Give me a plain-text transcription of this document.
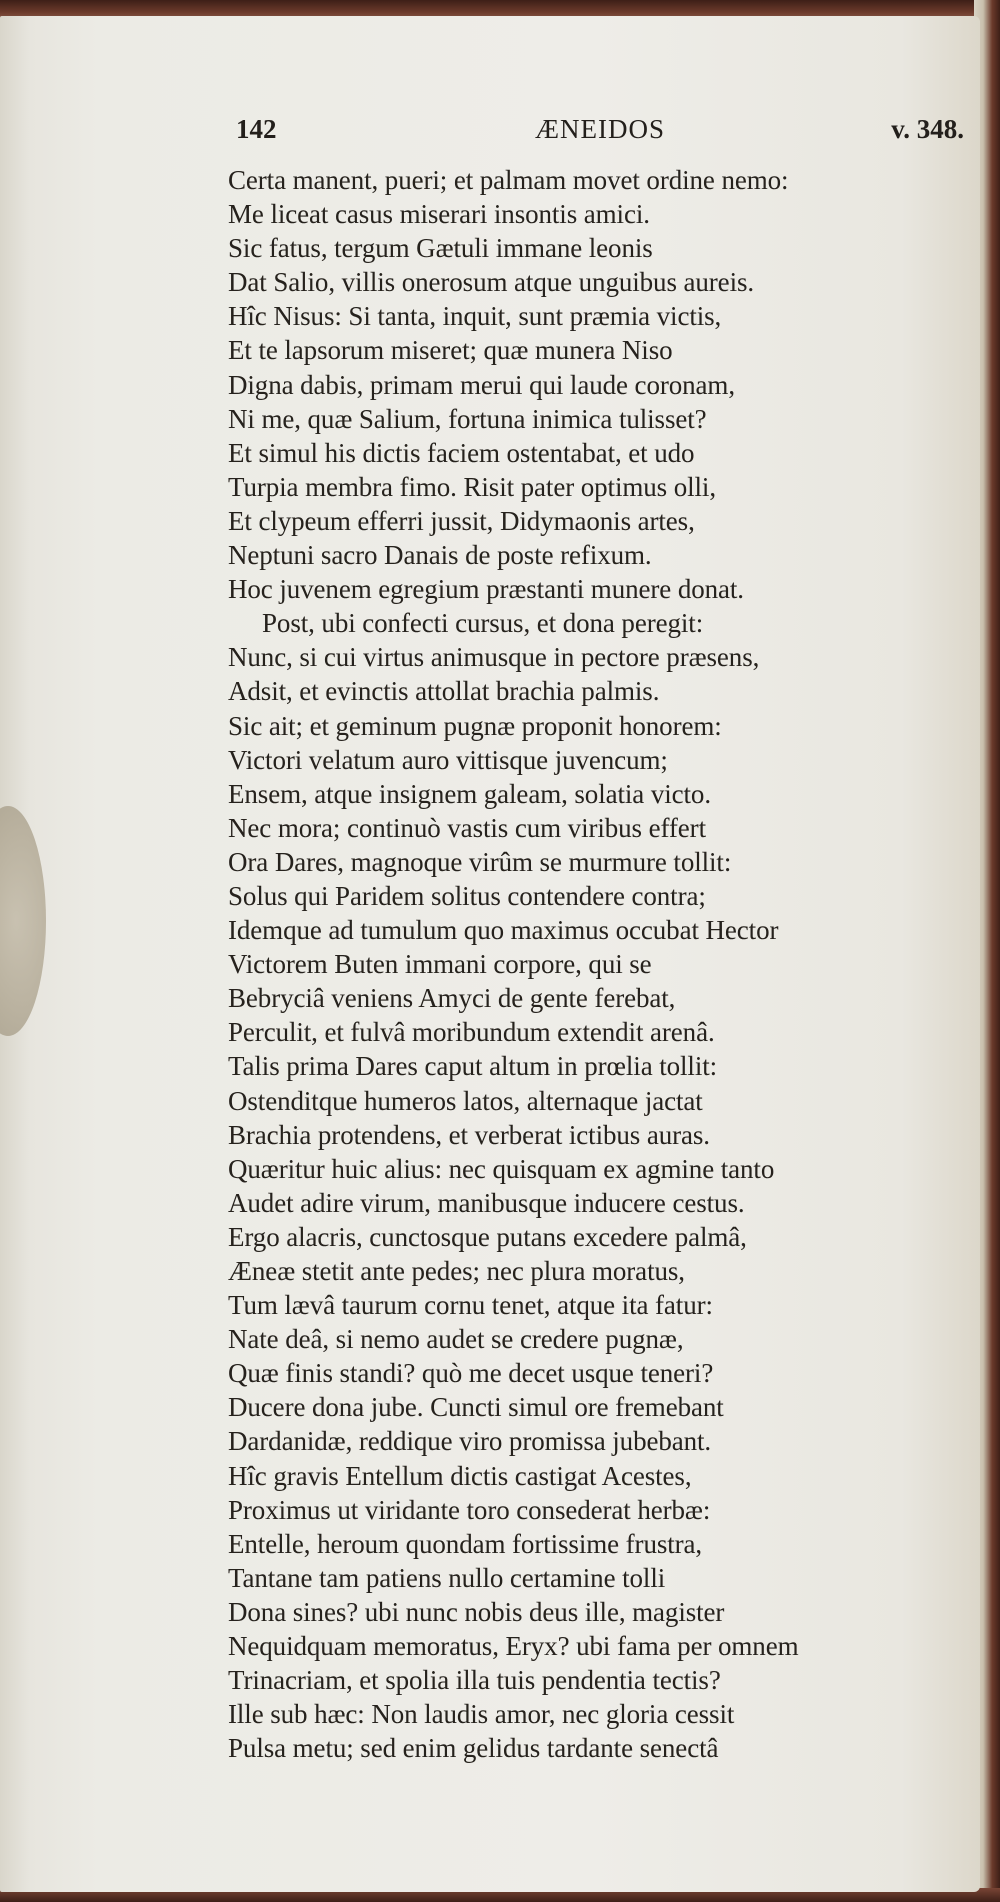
142	ÆNEIDOS	v. 348.
Certa manent, pueri; et palmam movet ordine nemo:
Me liceat casus miserari insontis amici.
Sic fatus, tergum Gætuli immane leonis
Dat Salio, villis onerosum atque unguibus aureis.
Hîc Nisus: Si tanta, inquit, sunt præmia victis,
Et te lapsorum miseret; quæ munera Niso
Digna dabis, primam merui qui laude coronam,
Ni me, quæ Salium, fortuna inimica tulisset?
Et simul his dictis faciem ostentabat, et udo
Turpia membra fimo. Risit pater optimus olli,
Et clypeum efferri jussit, Didymaonis artes,
Neptuni sacro Danais de poste refixum.
Hoc juvenem egregium præstanti munere donat.
Post, ubi confecti cursus, et dona peregit:
Nunc, si cui virtus animusque in pectore præsens,
Adsit, et evinctis attollat brachia palmis.
Sic ait; et geminum pugnæ proponit honorem:
Victori velatum auro vittisque juvencum;
Ensem, atque insignem galeam, solatia victo.
Nec mora; continuò vastis cum viribus effert
Ora Dares, magnoque virûm se murmure tollit:
Solus qui Paridem solitus contendere contra;
Idemque ad tumulum quo maximus occubat Hector
Victorem Buten immani corpore, qui se
Bebryciâ veniens Amyci de gente ferebat,
Perculit, et fulvâ moribundum extendit arenâ.
Talis prima Dares caput altum in prœlia tollit:
Ostenditque humeros latos, alternaque jactat
Brachia protendens, et verberat ictibus auras.
Quæritur huic alius: nec quisquam ex agmine tanto
Audet adire virum, manibusque inducere cestus.
Ergo alacris, cunctosque putans excedere palmâ,
Æneæ stetit ante pedes; nec plura moratus,
Tum lævâ taurum cornu tenet, atque ita fatur:
Nate deâ, si nemo audet se credere pugnæ,
Quæ finis standi? quò me decet usque teneri?
Ducere dona jube. Cuncti simul ore fremebant
Dardanidæ, reddique viro promissa jubebant.
Hîc gravis Entellum dictis castigat Acestes,
Proximus ut viridante toro consederat herbæ:
Entelle, heroum quondam fortissime frustra,
Tantane tam patiens nullo certamine tolli
Dona sines? ubi nunc nobis deus ille, magister
Nequidquam memoratus, Eryx? ubi fama per omnem
Trinacriam, et spolia illa tuis pendentia tectis?
Ille sub hæc: Non laudis amor, nec gloria cessit
Pulsa metu; sed enim gelidus tardante senectâ
